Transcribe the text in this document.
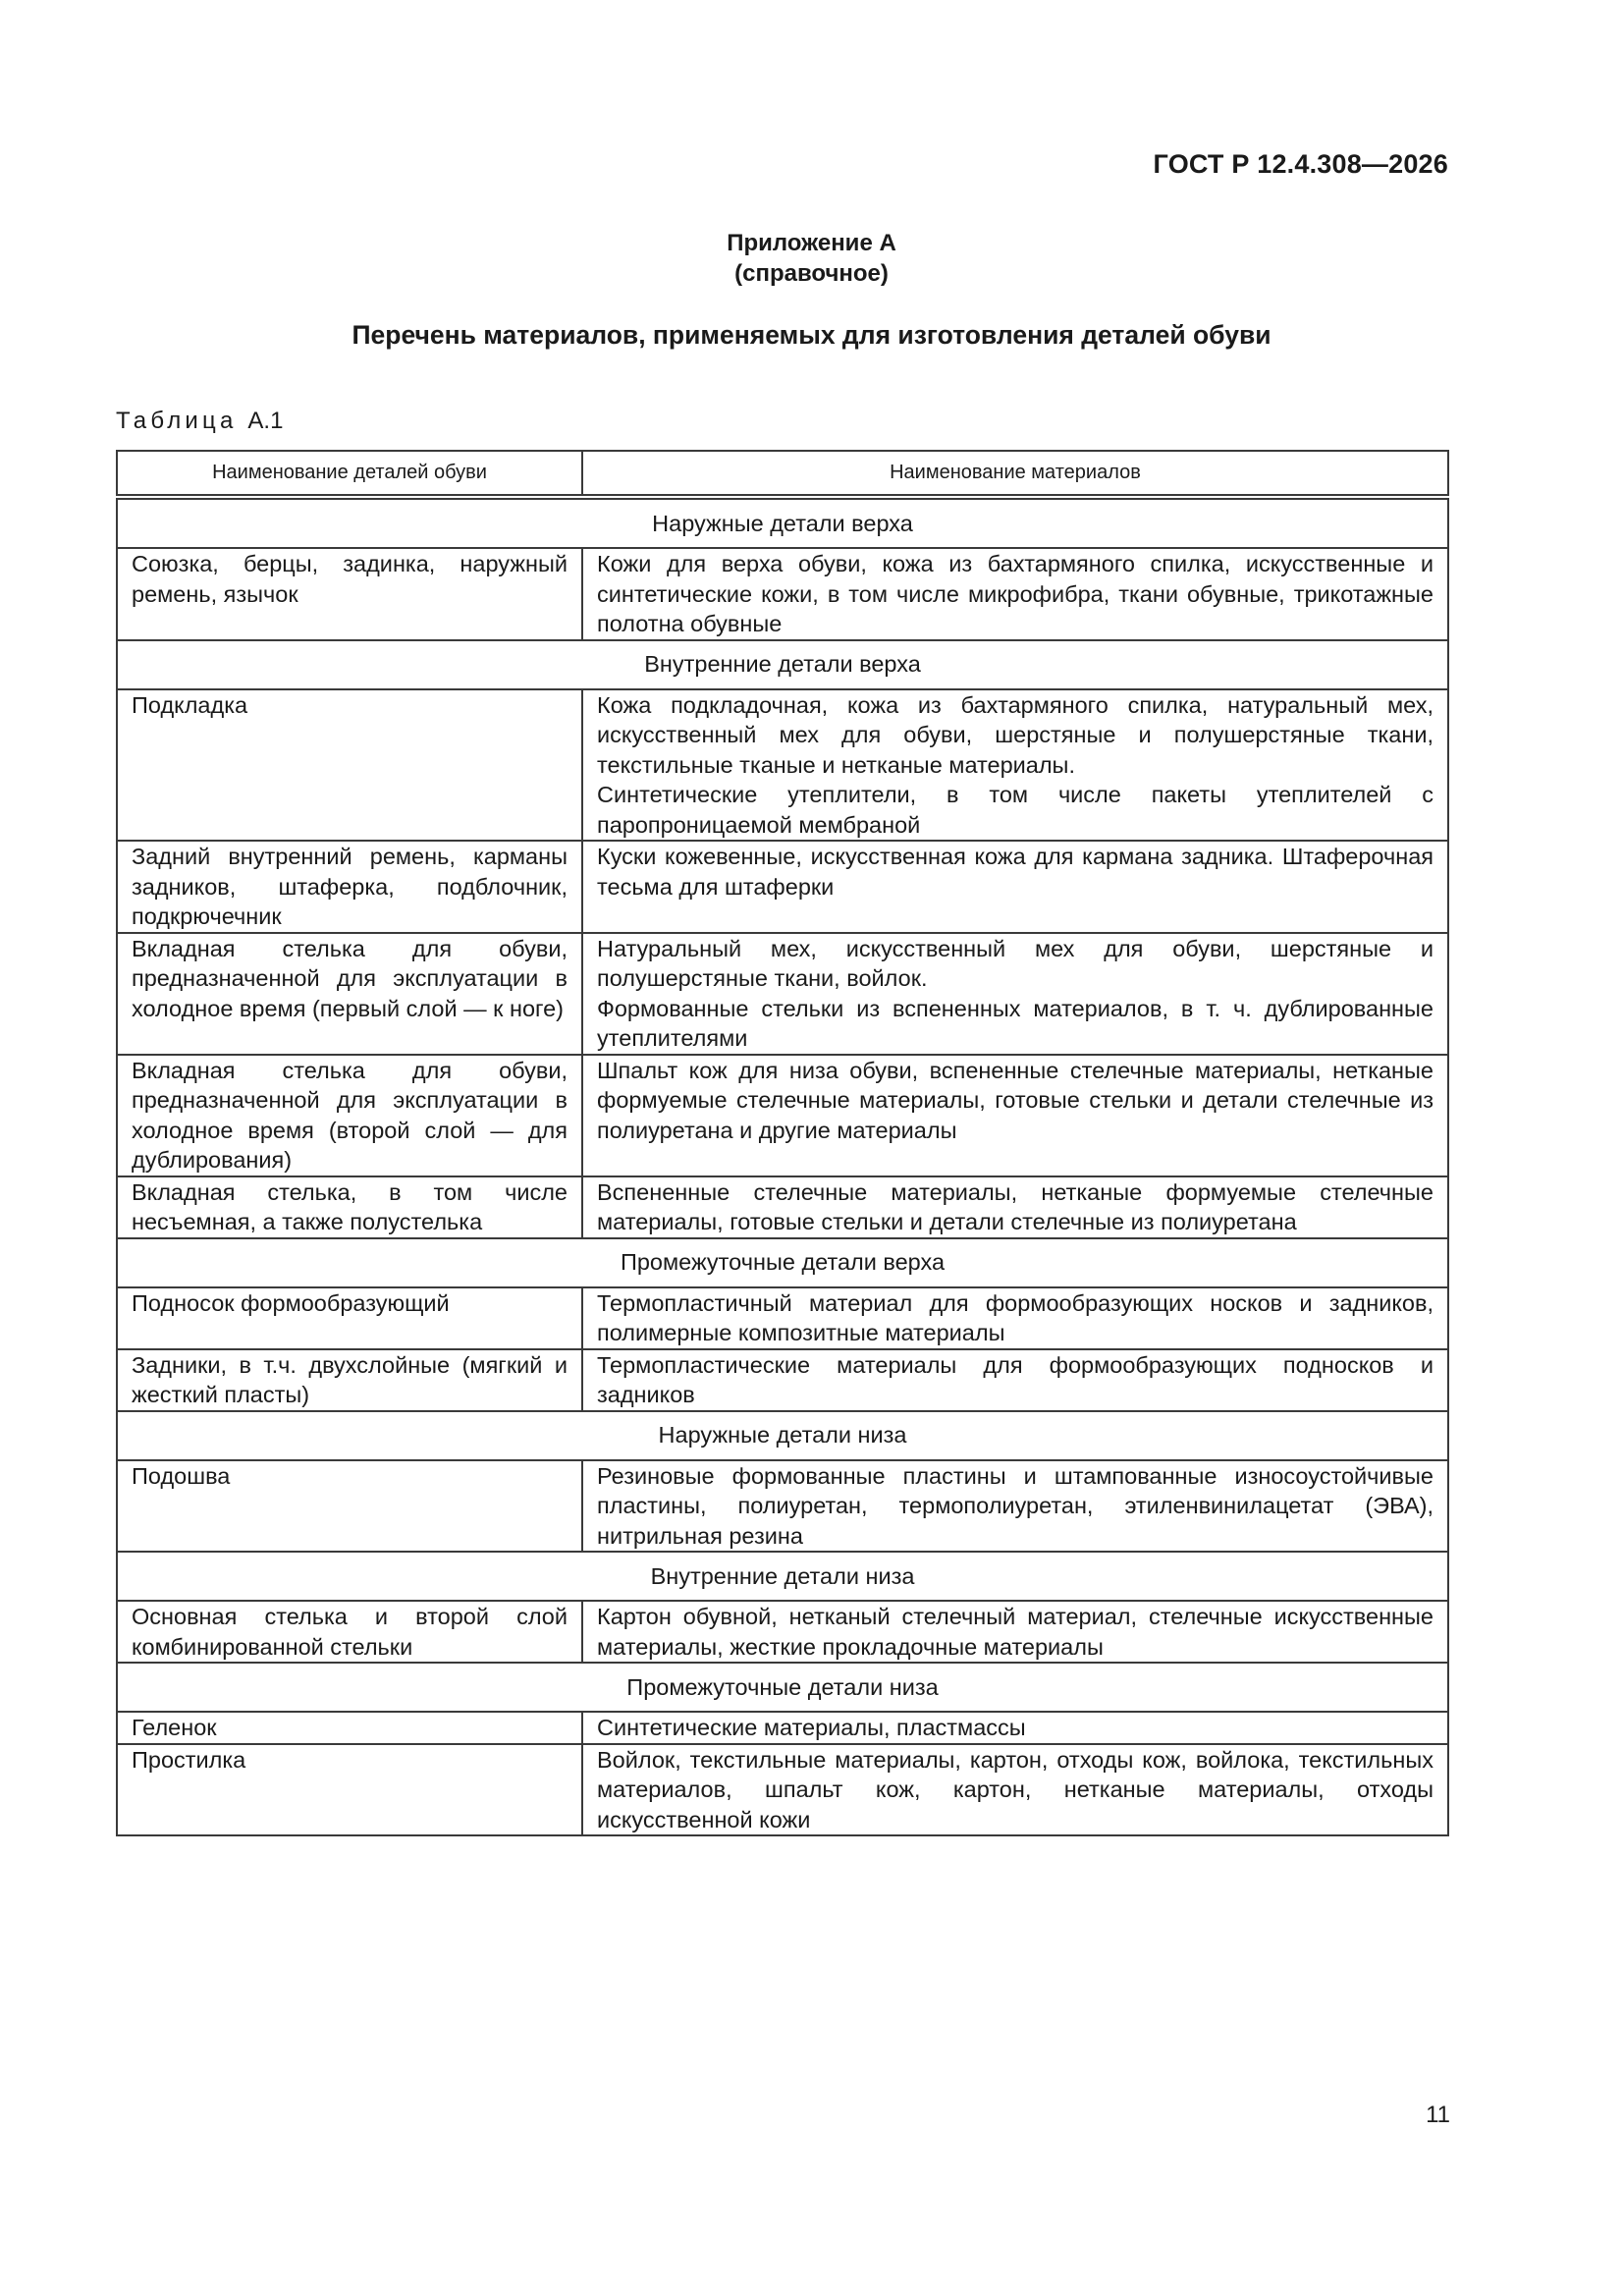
ГОСТ Р 12.4.308—2026
Приложение А
(справочное)
Перечень материалов, применяемых для изготовления деталей обуви
Таблица А.1
Наименование деталей обуви	Наименование материалов
Наружные детали верха	
Союзка, берцы, задинка, наружный ремень, язычок	Кожи для верха обуви, кожа из бахтармяного спилка, искусственные и синтетические кожи, в том числе микрофибра, ткани обувные, трикотажные полотна обувные

Внутренние детали верха	
Подкладка	Кожа подкладочная, кожа из бахтармяного спилка, натуральный мех, искусственный мех для обуви, шерстяные и полушерстяные ткани, текстильные тканые и нетканые материалы.
Синтетические утеплители, в том числе пакеты утеплителей с паропроницаемой мембраной

Задний внутренний ремень, карманы задников, штаферка, подблочник, подкрючечник	Куски кожевенные, искусственная кожа для кармана задника. Штаферочная тесьма для штаферки

Вкладная стелька для обуви, предназначенной для эксплуатации в холодное время (первый слой — к ноге)	Натуральный мех, искусственный мех для обуви, шерстяные и полушерстяные ткани, войлок.
Формованные стельки из вспененных материалов, в т. ч. дублированные утеплителями

Вкладная стелька для обуви, предназначенной для эксплуатации в холодное время (второй слой — для дублирования)	Шпальт кож для низа обуви, вспененные стелечные материалы, нетканые формуемые стелечные материалы, готовые стельки и детали стелечные из полиуретана и другие материалы

Вкладная стелька, в том числе несъемная, а также полустелька	Вспененные стелечные материалы, нетканые формуемые стелечные материалы, готовые стельки и детали стелечные из полиуретана

Промежуточные детали верха	
Подносок формообразующий	Термопластичный материал для формообразующих носков и задников, полимерные композитные материалы

Задники, в т.ч. двухслойные (мягкий и жесткий пласты)	Термопластические материалы для формообразующих подносков и задников

Наружные детали низа	
Подошва	Резиновые формованные пластины и штампованные износоустойчивые пластины, полиуретан, термополиуретан, этиленвинилацетат (ЭВА), нитрильная резина

Внутренние детали низа	
Основная стелька и второй слой комбинированной стельки	Картон обувной, нетканый стелечный материал, стелечные искусственные материалы, жесткие прокладочные материалы

Промежуточные детали низа	
Геленок	Синтетические материалы, пластмассы

Простилка	Войлок, текстильные материалы, картон, отходы кож, войлока, текстильных материалов, шпальт кож, картон, нетканые материалы, отходы искусственной кожи
11
